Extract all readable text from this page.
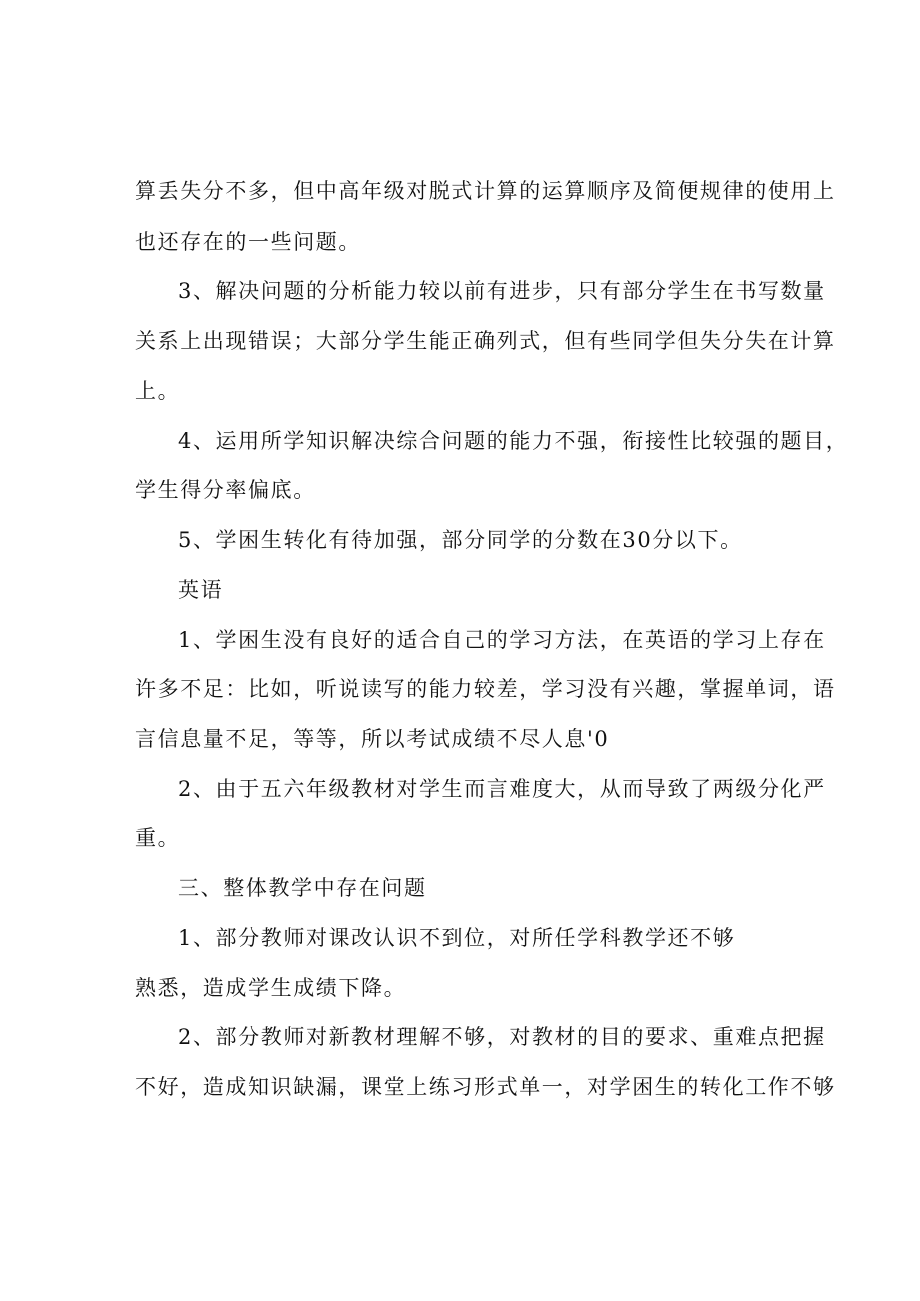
算丢失分不多，但中高年级对脱式计算的运算顺序及简便规律的使用上
也还存在的一些问题。
3、解决问题的分析能力较以前有进步，只有部分学生在书写数量
关系上出现错误；大部分学生能正确列式，但有些同学但失分失在计算
上。
4、运用所学知识解决综合问题的能力不强，衔接性比较强的题目，
学生得分率偏底。
5、学困生转化有待加强，部分同学的分数在30分以下。
英语
1、学困生没有良好的适合自己的学习方法，在英语的学习上存在
许多不足：比如，听说读写的能力较差，学习没有兴趣，掌握单词，语
言信息量不足，等等，所以考试成绩不尽人息'0
2、由于五六年级教材对学生而言难度大，从而导致了两级分化严
重。
三、整体教学中存在问题
1、部分教师对课改认识不到位，对所任学科教学还不够
熟悉，造成学生成绩下降。
2、部分教师对新教材理解不够，对教材的目的要求、重难点把握
不好，造成知识缺漏，课堂上练习形式单一，对学困生的转化工作不够
